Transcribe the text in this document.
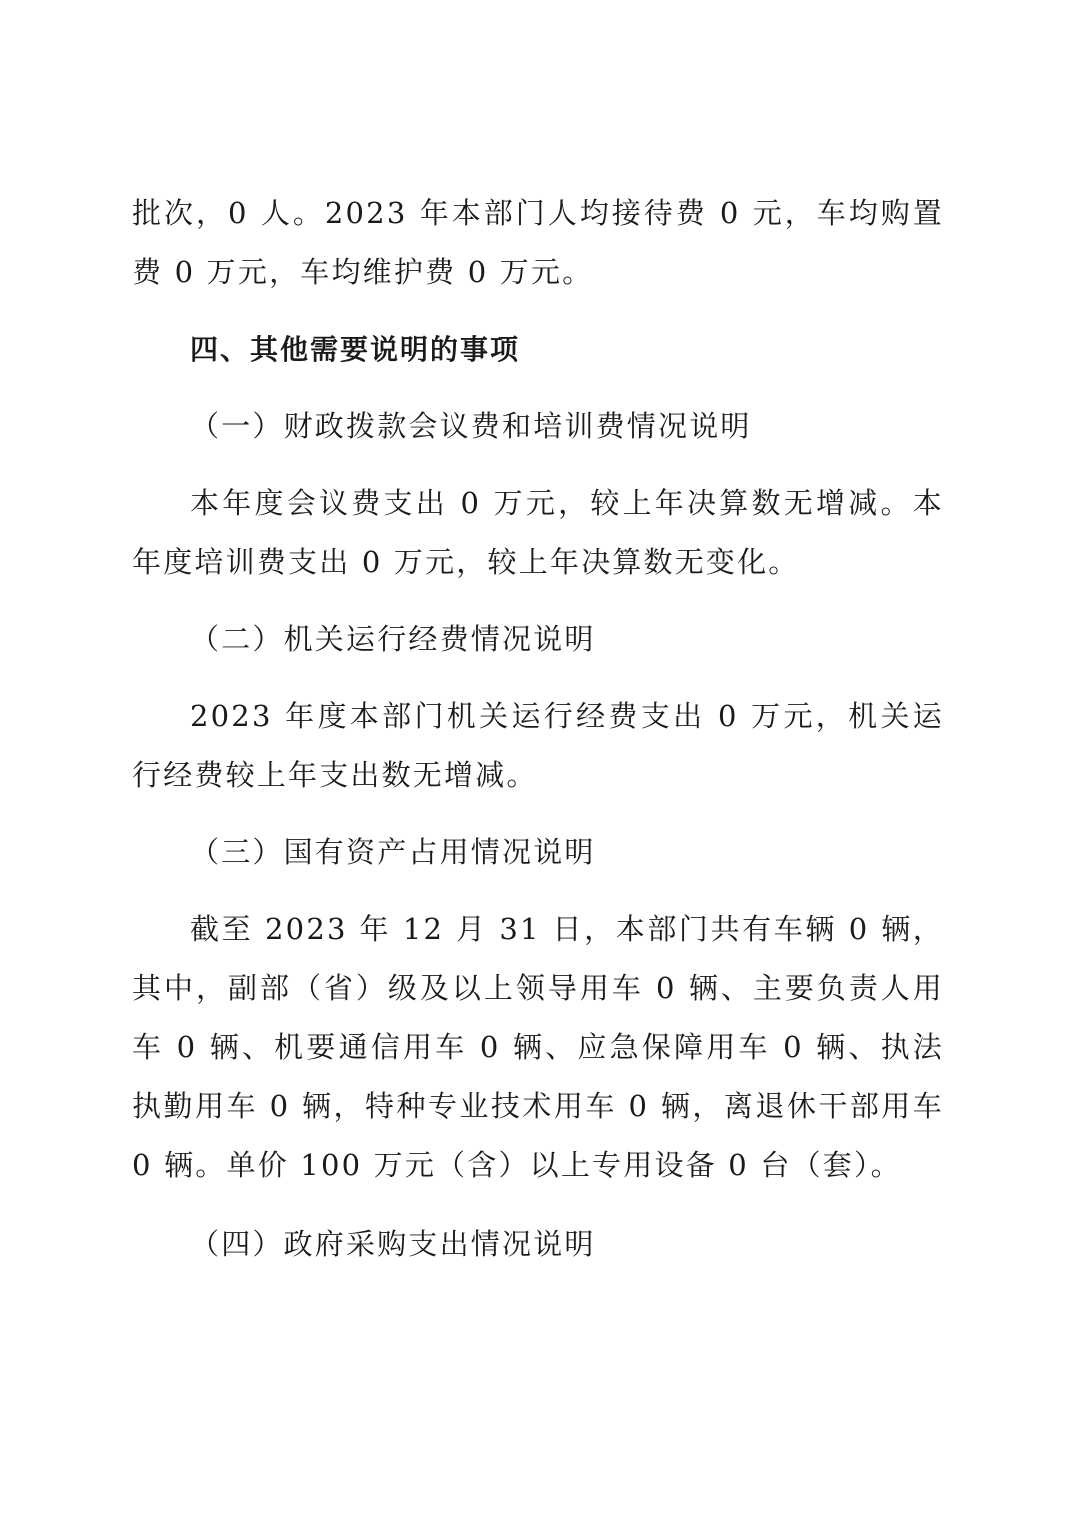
批次，0 人。2023 年本部门人均接待费 0 元，车均购置费 0 万元，车均维护费 0 万元。

四、其他需要说明的事项

（一）财政拨款会议费和培训费情况说明

本年度会议费支出 0 万元，较上年决算数无增减。本年度培训费支出 0 万元，较上年决算数无变化。

（二）机关运行经费情况说明

2023 年度本部门机关运行经费支出 0 万元，机关运行经费较上年支出数无增减。

（三）国有资产占用情况说明

截至 2023 年 12 月 31 日，本部门共有车辆 0 辆，其中，副部（省）级及以上领导用车 0 辆、主要负责人用车 0 辆、机要通信用车 0 辆、应急保障用车 0 辆、执法执勤用车 0 辆，特种专业技术用车 0 辆，离退休干部用车 0 辆。单价 100 万元（含）以上专用设备 0 台（套）。

（四）政府采购支出情况说明
